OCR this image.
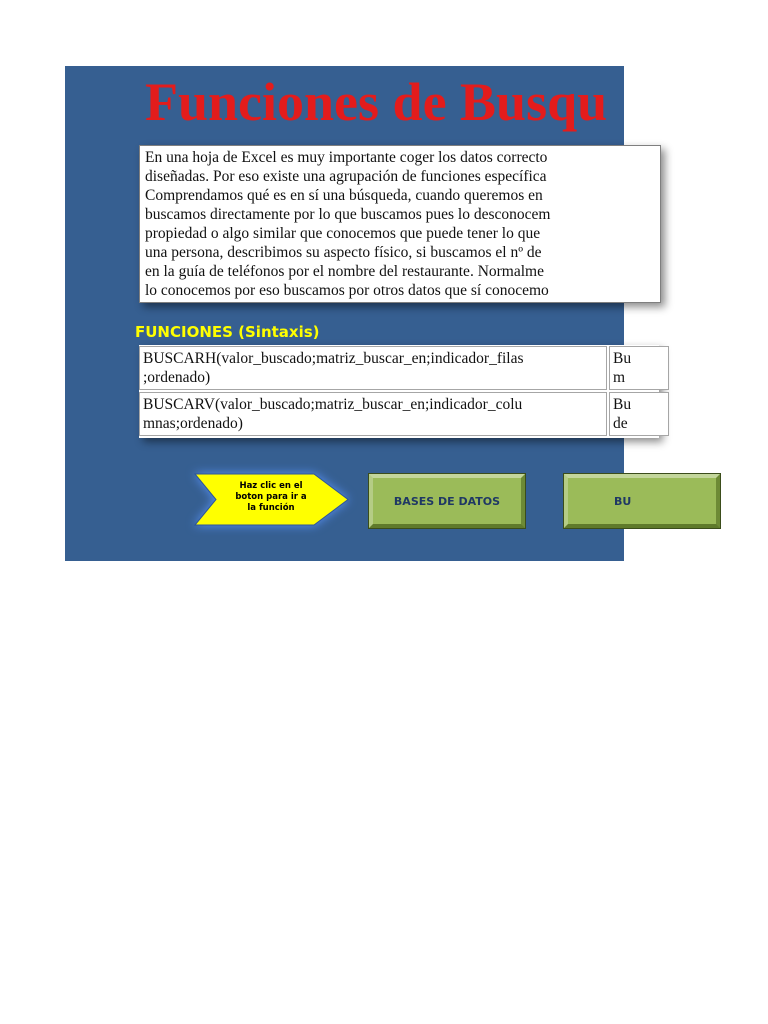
Funciones de Busqu
En una hoja de Excel es muy importante coger los datos correcto
diseñadas. Por eso existe una agrupación de funciones específica
Comprendamos qué es en sí una búsqueda, cuando queremos en
buscamos directamente por lo que buscamos pues lo desconocem
propiedad o algo similar que conocemos que puede tener lo que
una persona, describimos su aspecto físico, si buscamos el nº de
en la guía de teléfonos por el nombre del restaurante. Normalme
lo conocemos por eso buscamos por otros datos que sí conocemo
FUNCIONES (Sintaxis)
BUSCARH(valor_buscado;matriz_buscar_en;indicador_filas
;ordenado)
Bu
m
BUSCARV(valor_buscado;matriz_buscar_en;indicador_colu
mnas;ordenado)
Bu
de
Haz clic en el
boton para ir a
la función
BASES DE DATOS	BU
